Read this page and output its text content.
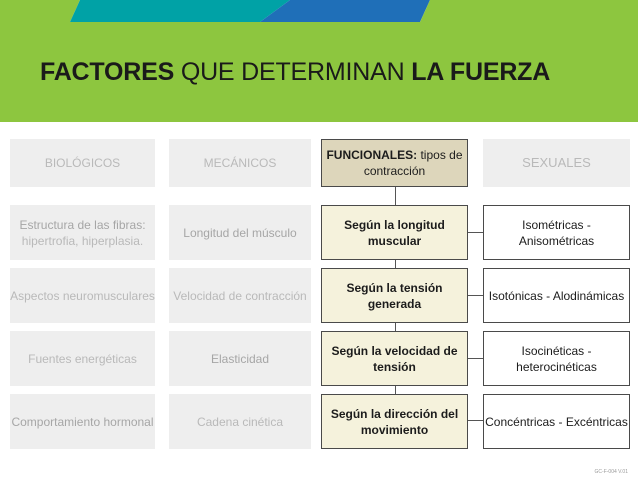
FACTORES QUE DETERMINAN LA FUERZA
BIOLÓGICOS	MECÁNICOS
FUNCIONALES: tipos de contracción
SEXUALES
Estructura de las fibras: hipertrofia, hiperplasia.
Aspectos neuromusculares
Fuentes energéticas
Comportamiento hormonal
Longitud del músculo
Velocidad de contracción
Elasticidad
Cadena cinética
Según la longitud muscular
Según la tensión generada
Según la velocidad de tensión
Según la dirección del movimiento
Isométricas - Anisométricas
Isotónicas - Alodinámicas
Isocinéticas - heterocinéticas
Concéntricas - Excéntricas
GC-F-004 V.01
